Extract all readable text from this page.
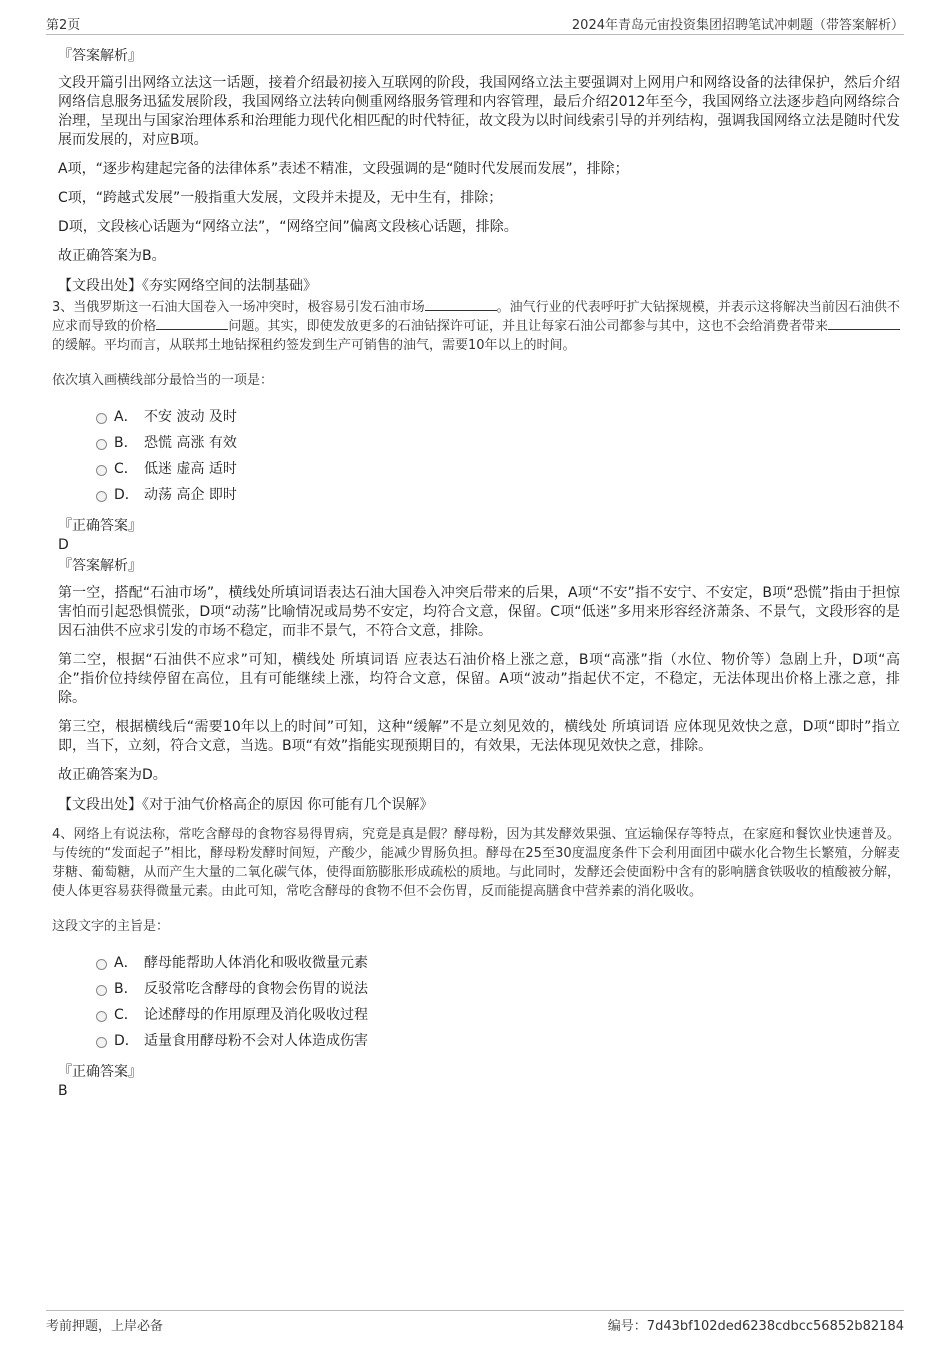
第2页	2024年青岛元宙投资集团招聘笔试冲刺题（带答案解析）
『答案解析』

文段开篇引出网络立法这一话题，接着介绍最初接入互联网的阶段，我国网络立法主要强调对上网用户和网络设备的法律保护，然后介绍网络信息服务迅猛发展阶段，我国网络立法转向侧重网络服务管理和内容管理，最后介绍2012年至今，我国网络立法逐步趋向网络综合治理，呈现出与国家治理体系和治理能力现代化相匹配的时代特征，故文段为以时间线索引导的并列结构，强调我国网络立法是随时代发展而发展的，对应B项。

A项，“逐步构建起完备的法律体系”表述不精准，文段强调的是“随时代发展而发展”，排除；

C项，“跨越式发展”一般指重大发展，文段并未提及，无中生有，排除；

D项，文段核心话题为“网络立法”，“网络空间”偏离文段核心话题，排除。

故正确答案为B。

【文段出处】《夯实网络空间的法制基础》

3、当俄罗斯这一石油大国卷入一场冲突时，极容易引发石油市场	。油气行业的代表呼吁扩大钻探规模，并表示这将解决当前因石油供不应求而导致的价格	问题。其实，即使发放更多的石油钻探许可证，并且让每家石油公司都参与其中，这也不会给消费者带来的缓解。平均而言，从联邦土地钻探租约签发到生产可销售的油气，需要10年以上的时间。

依次填入画横线部分最恰当的一项是：

A． 不安 波动 及时
B． 恐慌 高涨 有效
C． 低迷 虚高 适时
D． 动荡 高企 即时
『正确答案』
D
『答案解析』

第一空，搭配“石油市场”，横线处所填词语表达石油大国卷入冲突后带来的后果，A项“不安”指不安宁、不安定，B项“恐慌”指由于担惊害怕而引起恐惧慌张，D项“动荡”比喻情况或局势不安定，均符合文意，保留。C项“低迷”多用来形容经济萧条、不景气，文段形容的是因石油供不应求引发的市场不稳定，而非不景气，不符合文意，排除。

第二空，根据“石油供不应求”可知，横线处 所填词语 应表达石油价格上涨之意，B项“高涨”指（水位、物价等）急剧上升，D项“高企”指价位持续停留在高位，且有可能继续上涨，均符合文意，保留。A项“波动”指起伏不定，不稳定，无法体现出价格上涨之意，排除。

第三空，根据横线后“需要10年以上的时间”可知，这种“缓解”不是立刻见效的，横线处 所填词语 应体现见效快之意，D项“即时”指立即，当下，立刻，符合文意，当选。B项“有效”指能实现预期目的，有效果，无法体现见效快之意，排除。

故正确答案为D。

【文段出处】《对于油气价格高企的原因 你可能有几个误解》

4、网络上有说法称，常吃含酵母的食物容易得胃病，究竟是真是假？酵母粉，因为其发酵效果强、宜运输保存等特点，在家庭和餐饮业快速普及。与传统的“发面起子”相比，酵母粉发酵时间短，产酸少，能减少胃肠负担。酵母在25至30度温度条件下会利用面团中碳水化合物生长繁殖，分解麦芽糖、葡萄糖，从而产生大量的二氧化碳气体，使得面筋膨胀形成疏松的质地。与此同时，发酵还会使面粉中含有的影响膳食铁吸收的植酸被分解，使人体更容易获得微量元素。由此可知，常吃含酵母的食物不但不会伤胃，反而能提高膳食中营养素的消化吸收。

这段文字的主旨是：

A． 酵母能帮助人体消化和吸收微量元素
B． 反驳常吃含酵母的食物会伤胃的说法
C． 论述酵母的作用原理及消化吸收过程
D． 适量食用酵母粉不会对人体造成伤害
『正确答案』
B
考前押题，上岸必备	编号：7d43bf102ded6238cdbcc56852b82184
